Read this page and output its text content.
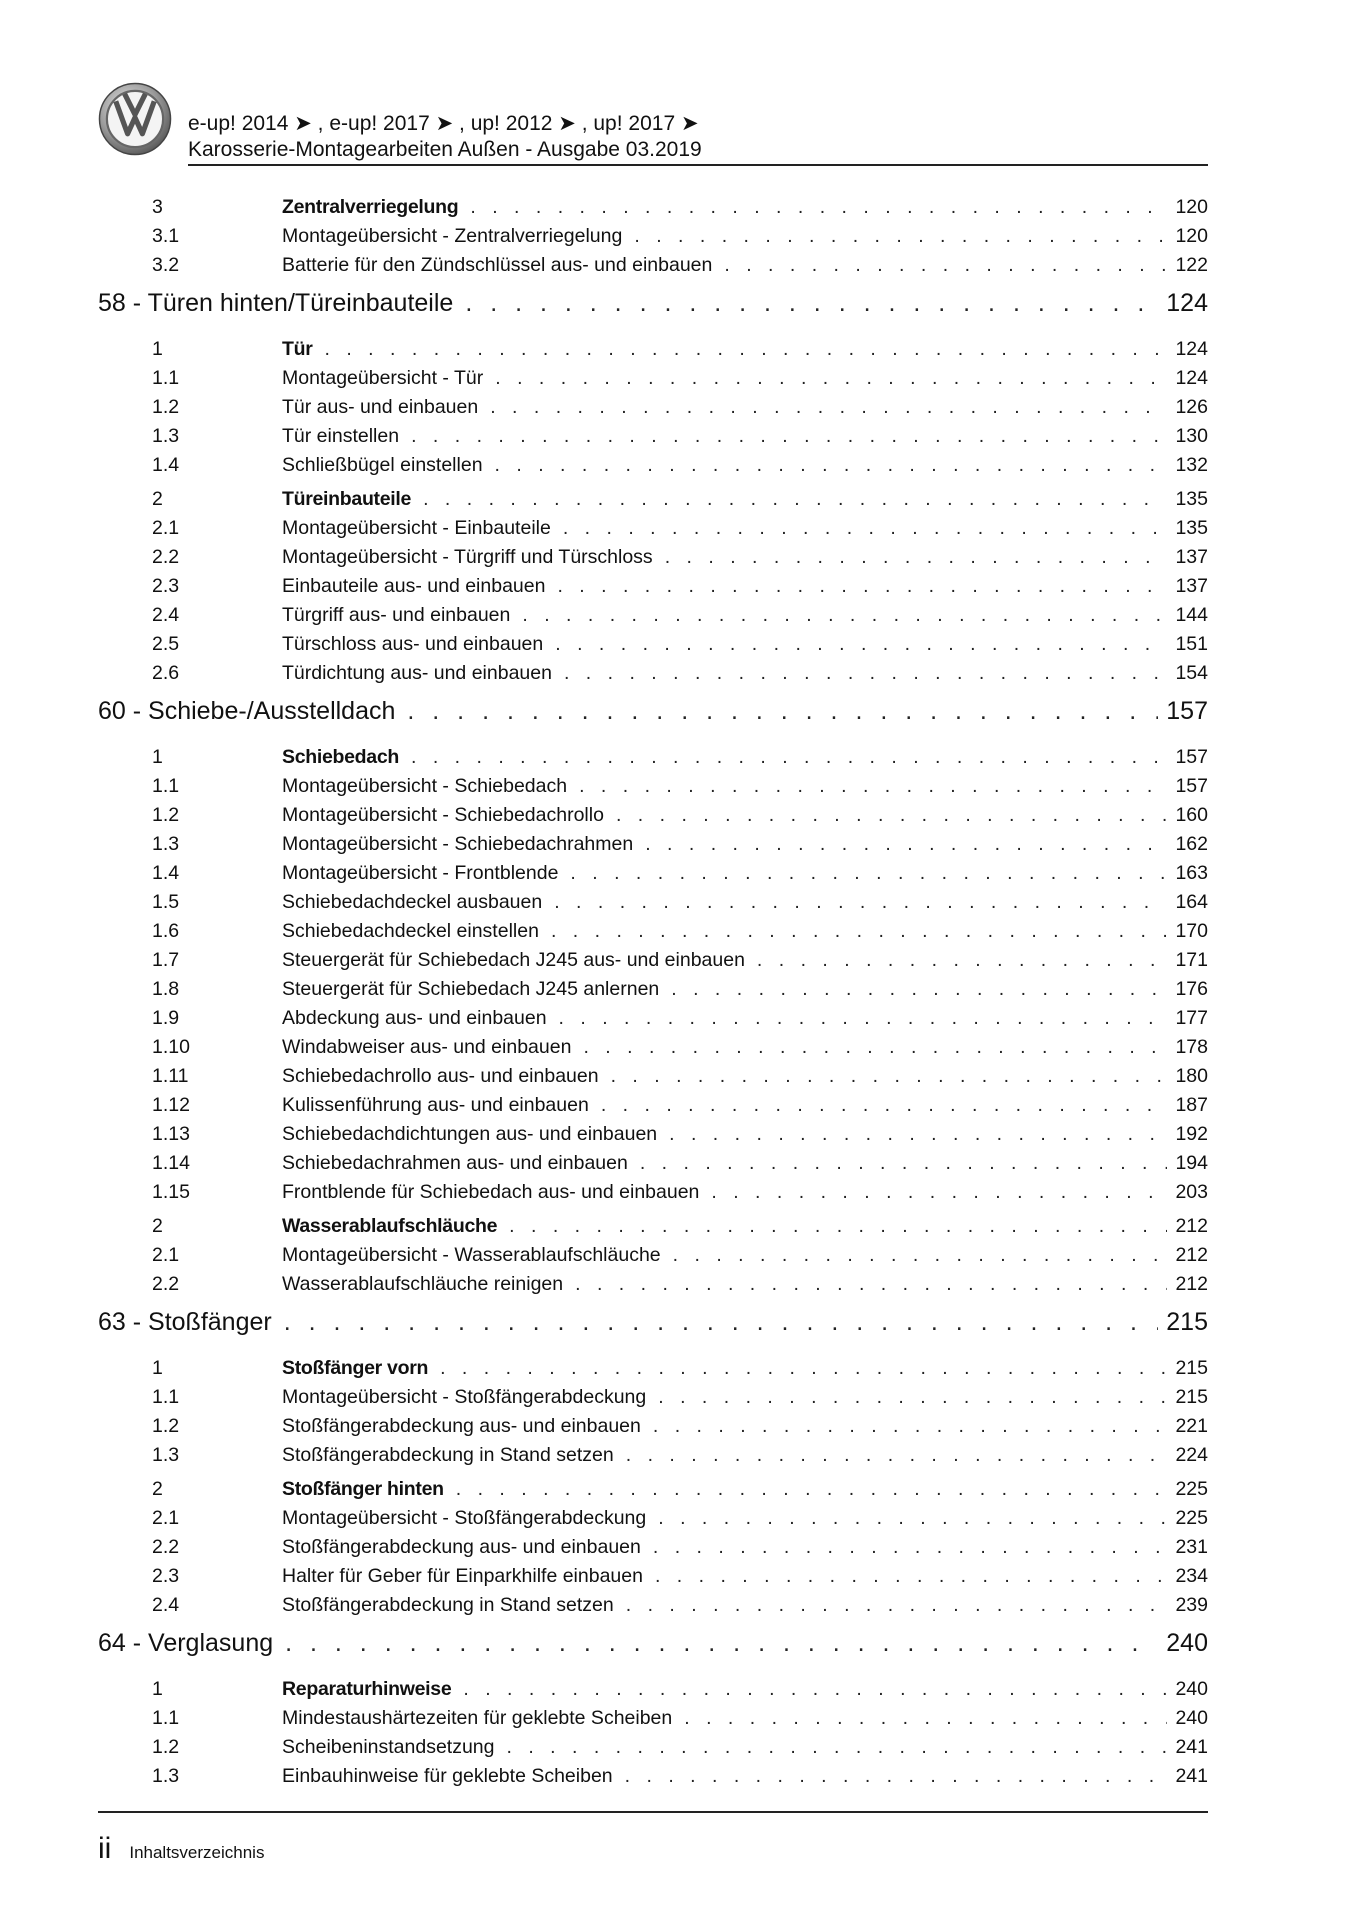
e-up! 2014 ➤ , e-up! 2017 ➤ , up! 2012 ➤ , up! 2017 ➤
Karosserie-Montagearbeiten Außen - Ausgabe 03.2019
3	Zentralverriegelung . . .	120
3.1	Montageübersicht - Zentralverriegelung . . .	120
3.2	Batterie für den Zündschlüssel aus- und einbauen . . .	122
58 - Türen hinten/Türeinbauteile . . .	124
1	Tür . . .	124
1.1	Montageübersicht - Tür . . .	124
1.2	Tür aus- und einbauen . . .	126
1.3	Tür einstellen . . .	130
1.4	Schließbügel einstellen . . .	132
2	Türeinbauteile . . .	135
2.1	Montageübersicht - Einbauteile . . .	135
2.2	Montageübersicht - Türgriff und Türschloss . . .	137
2.3	Einbauteile aus- und einbauen . . .	137
2.4	Türgriff aus- und einbauen . . .	144
2.5	Türschloss aus- und einbauen . . .	151
2.6	Türdichtung aus- und einbauen . . .	154
60 - Schiebe-/Ausstelldach . . .	157
1	Schiebedach . . .	157
1.1	Montageübersicht - Schiebedach . . .	157
1.2	Montageübersicht - Schiebedachrollo . . .	160
1.3	Montageübersicht - Schiebedachrahmen . . .	162
1.4	Montageübersicht - Frontblende . . .	163
1.5	Schiebedachdeckel ausbauen . . .	164
1.6	Schiebedachdeckel einstellen . . .	170
1.7	Steuergerät für Schiebedach J245 aus- und einbauen . . .	171
1.8	Steuergerät für Schiebedach J245 anlernen . . .	176
1.9	Abdeckung aus- und einbauen . . .	177
1.10	Windabweiser aus- und einbauen . . .	178
1.11	Schiebedachrollo aus- und einbauen . . .	180
1.12	Kulissenführung aus- und einbauen . . .	187
1.13	Schiebedachdichtungen aus- und einbauen . . .	192
1.14	Schiebedachrahmen aus- und einbauen . . .	194
1.15	Frontblende für Schiebedach aus- und einbauen . . .	203
2	Wasserablaufschläuche . . .	212
2.1	Montageübersicht - Wasserablaufschläuche . . .	212
2.2	Wasserablaufschläuche reinigen . . .	212
63 - Stoßfänger . . .	215
1	Stoßfänger vorn . . .	215
1.1	Montageübersicht - Stoßfängerabdeckung . . .	215
1.2	Stoßfängerabdeckung aus- und einbauen . . .	221
1.3	Stoßfängerabdeckung in Stand setzen . . .	224
2	Stoßfänger hinten . . .	225
2.1	Montageübersicht - Stoßfängerabdeckung . . .	225
2.2	Stoßfängerabdeckung aus- und einbauen . . .	231
2.3	Halter für Geber für Einparkhilfe einbauen . . .	234
2.4	Stoßfängerabdeckung in Stand setzen . . .	239
64 - Verglasung . . .	240
1	Reparaturhinweise . . .	240
1.1	Mindestaushärtezeiten für geklebte Scheiben . . .	240
1.2	Scheibeninstandsetzung . . .	241
1.3	Einbauhinweise für geklebte Scheiben . . .	241
ii Inhaltsverzeichnis
